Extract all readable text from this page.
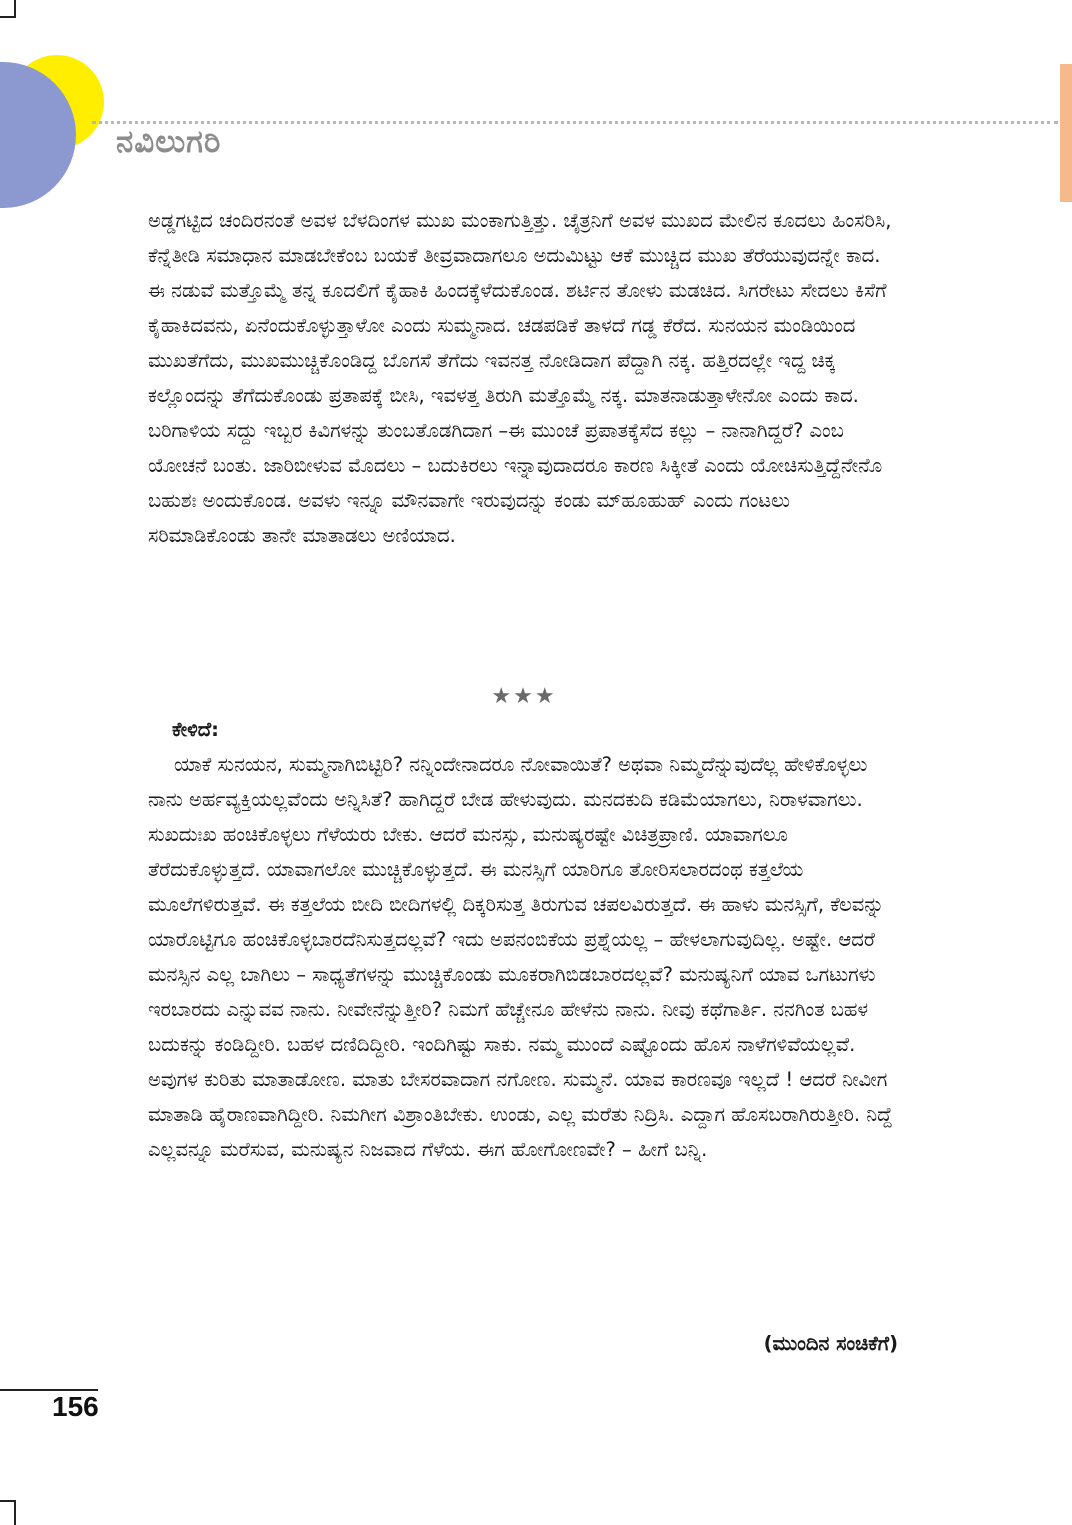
ನವಿಲುಗರಿ

ಅಡ್ಡಗಟ್ಟಿದ ಚಂದಿರನಂತೆ ಅವಳ ಬೆಳದಿಂಗಳ ಮುಖ ಮಂಕಾಗುತ್ತಿತ್ತು. ಚೈತ್ರನಿಗೆ ಅವಳ ಮುಖದ ಮೇಲಿನ ಕೂದಲು ಹಿಂಸರಿಸಿ, ಕೆನ್ನೆತೀಡಿ ಸಮಾಧಾನ ಮಾಡಬೇಕೆಂಬ ಬಯಕೆ ತೀವ್ರವಾದಾಗಲೂ ಅದುಮಿಟ್ಟು ಆಕೆ ಮುಚ್ಚಿದ ಮುಖ ತೆರೆಯುವುದನ್ನೇ ಕಾದ. ಈ ನಡುವೆ ಮತ್ತೊಮ್ಮೆ ತನ್ನ ಕೂದಲಿಗೆ ಕೈಹಾಕಿ ಹಿಂದಕ್ಕೆಳೆದುಕೊಂಡ. ಶರ್ಟಿನ ತೋಳು ಮಡಚಿದ. ಸಿಗರೇಟು ಸೇದಲು ಕಿಸೆಗೆ ಕೈಹಾಕಿದವನು, ಏನೆಂದುಕೊಳ್ಳುತ್ತಾಳೋ ಎಂದು ಸುಮ್ಮನಾದ. ಚಡಪಡಿಕೆ ತಾಳದೆ ಗಡ್ಡ ಕೆರೆದ. ಸುನಯನ ಮಂಡಿಯಿಂದ ಮುಖತೆಗೆದು, ಮುಖಮುಚ್ಚಿಕೊಂಡಿದ್ದ ಬೊಗಸೆ ತೆಗೆದು ಇವನತ್ತ ನೋಡಿದಾಗ ಪೆದ್ದಾಗಿ ನಕ್ಕ. ಹತ್ತಿರದಲ್ಲೇ ಇದ್ದ ಚಿಕ್ಕ ಕಲ್ಲೊಂದನ್ನು ತೆಗೆದುಕೊಂಡು ಪ್ರತಾಪಕ್ಕೆ ಬೀಸಿ, ಇವಳತ್ತ ತಿರುಗಿ ಮತ್ತೊಮ್ಮೆ ನಕ್ಕ. ಮಾತನಾಡುತ್ತಾಳೇನೋ ಎಂದು ಕಾದ. ಬರಿಗಾಳಿಯ ಸದ್ದು ಇಬ್ಬರ ಕಿವಿಗಳನ್ನು ತುಂಬತೊಡಗಿದಾಗ –ಈ ಮುಂಚೆ ಪ್ರಪಾತಕ್ಕೆಸೆದ ಕಲ್ಲು – ನಾನಾಗಿದ್ದರೆ? ಎಂಬ ಯೋಚನೆ ಬಂತು. ಜಾರಿಬೀಳುವ ಮೊದಲು – ಬದುಕಿರಲು ಇನ್ನಾವುದಾದರೂ ಕಾರಣ ಸಿಕ್ಕೀತೆ ಎಂದು ಯೋಚಿಸುತ್ತಿದ್ದೆನೇನೊ ಬಹುಶಃ ಅಂದುಕೊಂಡ. ಅವಳು ಇನ್ನೂ ಮೌನವಾಗೇ ಇರುವುದನ್ನು ಕಂಡು ಮ್‌ಹೂಹುಹ್ ಎಂದು ಗಂಟಲು ಸರಿಮಾಡಿಕೊಂಡು ತಾನೇ ಮಾತಾಡಲು ಅಣಿಯಾದ.

★★★
ಕೇಳಿದೆ:

ಯಾಕೆ ಸುನಯನ, ಸುಮ್ಮನಾಗಿಬಿಟ್ಟಿರಿ? ನನ್ನಿಂದೇನಾದರೂ ನೋವಾಯಿತೆ? ಅಥವಾ ನಿಮ್ಮದೆನ್ನುವುದೆಲ್ಲ ಹೇಳಿಕೊಳ್ಳಲು ನಾನು ಅರ್ಹವ್ಯಕ್ತಿಯಲ್ಲವೆಂದು ಅನ್ನಿಸಿತೆ? ಹಾಗಿದ್ದರೆ ಬೇಡ ಹೇಳುವುದು. ಮನದಕುದಿ ಕಡಿಮೆಯಾಗಲು, ನಿರಾಳವಾಗಲು. ಸುಖದುಃಖ ಹಂಚಿಕೊಳ್ಳಲು ಗೆಳೆಯರು ಬೇಕು. ಆದರೆ ಮನಸ್ಸು, ಮನುಷ್ಯರಷ್ಟೇ ವಿಚಿತ್ರಪ್ರಾಣಿ. ಯಾವಾಗಲೂ ತೆರೆದುಕೊಳ್ಳುತ್ತದೆ. ಯಾವಾಗಲೋ ಮುಚ್ಚಿಕೊಳ್ಳುತ್ತದೆ. ಈ ಮನಸ್ಸಿಗೆ ಯಾರಿಗೂ ತೋರಿಸಲಾರದಂಥ ಕತ್ತಲೆಯ ಮೂಲೆಗಳಿರುತ್ತವೆ. ಈ ಕತ್ತಲೆಯ ಬೀದಿ ಬೀದಿಗಳಲ್ಲಿ ದಿಕ್ಕರಿಸುತ್ತ ತಿರುಗುವ ಚಪಲವಿರುತ್ತದೆ. ಈ ಹಾಳು ಮನಸ್ಸಿಗೆ, ಕೆಲವನ್ನು ಯಾರೊಟ್ಟಿಗೂ ಹಂಚಿಕೊಳ್ಳಬಾರದೆನಿಸುತ್ತದಲ್ಲವೆ? ಇದು ಅಪನಂಬಿಕೆಯ ಪ್ರಶ್ನೆಯಲ್ಲ – ಹೇಳಲಾಗುವುದಿಲ್ಲ. ಅಷ್ಟೇ. ಆದರೆ ಮನಸ್ಸಿನ ಎಲ್ಲ ಬಾಗಿಲು – ಸಾಧ್ಯತೆಗಳನ್ನು ಮುಚ್ಚಿಕೊಂಡು ಮೂಕರಾಗಿಬಿಡಬಾರದಲ್ಲವೆ? ಮನುಷ್ಯನಿಗೆ ಯಾವ ಒಗಟುಗಳು ಇರಬಾರದು ಎನ್ನುವವ ನಾನು. ನೀವೇನೆನ್ನುತ್ತೀರಿ? ನಿಮಗೆ ಹೆಚ್ಚೇನೂ ಹೇಳೆನು ನಾನು. ನೀವು ಕಥೆಗಾರ್ತಿ. ನನಗಿಂತ ಬಹಳ ಬದುಕನ್ನು ಕಂಡಿದ್ದೀರಿ. ಬಹಳ ದಣಿದಿದ್ದೀರಿ. ಇಂದಿಗಿಷ್ಟು ಸಾಕು. ನಮ್ಮ ಮುಂದೆ ಎಷ್ಟೊಂದು ಹೊಸ ನಾಳೆಗಳಿವೆಯಲ್ಲವೆ. ಅವುಗಳ ಕುರಿತು ಮಾತಾಡೋಣ. ಮಾತು ಬೇಸರವಾದಾಗ ನಗೋಣ. ಸುಮ್ಮನೆ. ಯಾವ ಕಾರಣವೂ ಇಲ್ಲದೆ ! ಆದರೆ ನೀವೀಗ ಮಾತಾಡಿ ಹೈರಾಣವಾಗಿದ್ದೀರಿ. ನಿಮಗೀಗ ವಿಶ್ರಾಂತಿಬೇಕು. ಉಂಡು, ಎಲ್ಲ ಮರೆತು ನಿದ್ರಿಸಿ. ಎದ್ದಾಗ ಹೊಸಬರಾಗಿರುತ್ತೀರಿ. ನಿದ್ದೆ ಎಲ್ಲವನ್ನೂ ಮರೆಸುವ, ಮನುಷ್ಯನ ನಿಜವಾದ ಗೆಳೆಯ. ಈಗ ಹೋಗೋಣವೇ? – ಹೀಗೆ ಬನ್ನಿ.

(ಮುಂದಿನ ಸಂಚಿಕೆಗೆ)
156
